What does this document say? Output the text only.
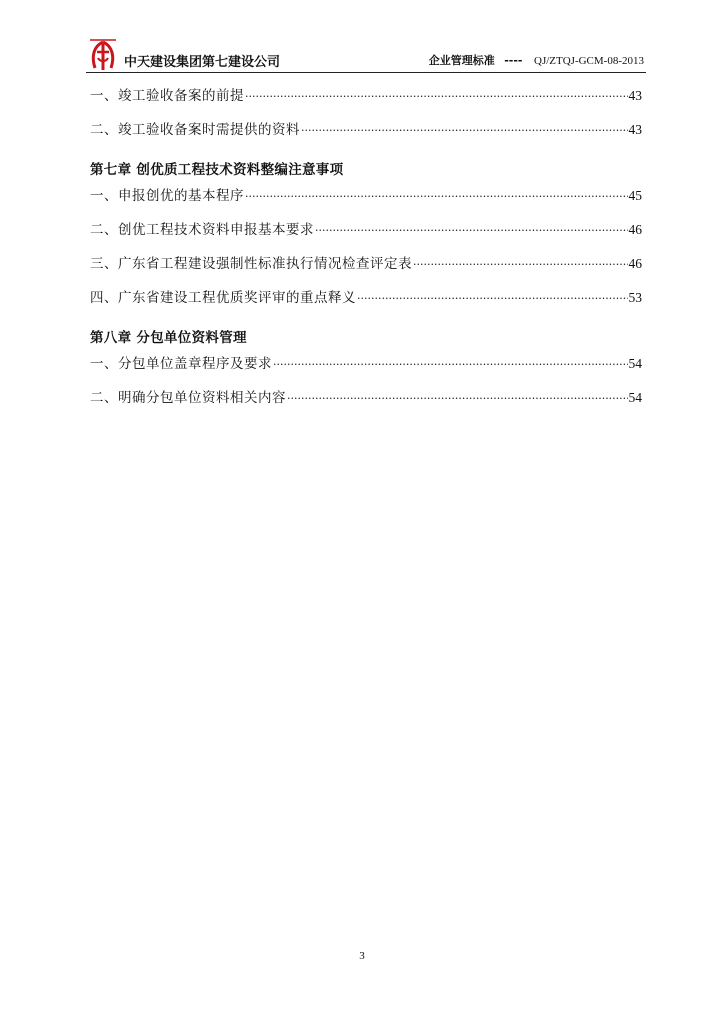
中天建设集团第七建设公司	企业管理标准 ---- QJ/ZTQJ-GCM-08-2013
一、竣工验收备案的前提 ·····	43
二、竣工验收备案时需提供的资料 ·····	43
第七章 创优质工程技术资料整编注意事项
一、申报创优的基本程序 ·····	45
二、创优工程技术资料申报基本要求 ·····	46
三、广东省工程建设强制性标准执行情况检查评定表 ·····	46
四、广东省建设工程优质奖评审的重点释义 ·····	53
第八章 分包单位资料管理
一、分包单位盖章程序及要求 ·····	54
二、明确分包单位资料相关内容 ·····	54
3
